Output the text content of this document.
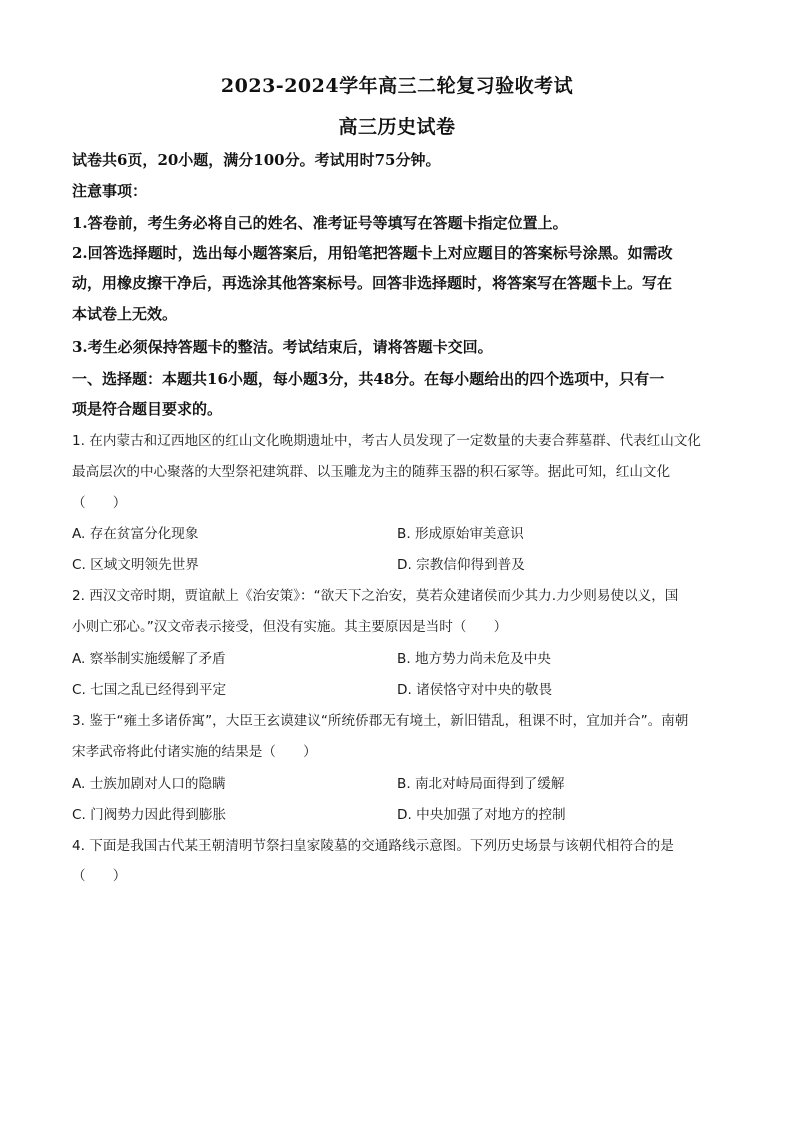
2023-2024学年高三二轮复习验收考试
高三历史试卷
试卷共6页，20小题，满分100分。考试用时75分钟。
注意事项：
1.答卷前，考生务必将自己的姓名、准考证号等填写在答题卡指定位置上。
2.回答选择题时，选出每小题答案后，用铅笔把答题卡上对应题目的答案标号涂黑。如需改
动，用橡皮擦干净后，再选涂其他答案标号。回答非选择题时，将答案写在答题卡上。写在
本试卷上无效。
3.考生必须保持答题卡的整洁。考试结束后，请将答题卡交回。
一、选择题：本题共16小题，每小题3分，共48分。在每小题给出的四个选项中，只有一
项是符合题目要求的。
1. 在内蒙古和辽西地区的红山文化晚期遗址中，考古人员发现了一定数量的夫妻合葬墓群、代表红山文化
最高层次的中心聚落的大型祭祀建筑群、以玉雕龙为主的随葬玉器的积石冢等。据此可知，红山文化
（　　）
A. 存在贫富分化现象	B. 形成原始审美意识
C. 区域文明领先世界	D. 宗教信仰得到普及
2. 西汉文帝时期，贾谊献上《治安策》：“欲天下之治安，莫若众建诸侯而少其力.力少则易使以义，国
小则亡邪心。”汉文帝表示接受，但没有实施。其主要原因是当时（　　）
A. 察举制实施缓解了矛盾	B. 地方势力尚未危及中央
C. 七国之乱已经得到平定	D. 诸侯恪守对中央的敬畏
3. 鉴于“雍土多诸侨寓”，大臣王玄谟建议“所统侨郡无有境土，新旧错乱，租课不时，宜加并合”。南朝
宋孝武帝将此付诸实施的结果是（　　）
A. 士族加剧对人口的隐瞒	B. 南北对峙局面得到了缓解
C. 门阀势力因此得到膨胀	D. 中央加强了对地方的控制
4. 下面是我国古代某王朝清明节祭扫皇家陵墓的交通路线示意图。下列历史场景与该朝代相符合的是
（　　）
